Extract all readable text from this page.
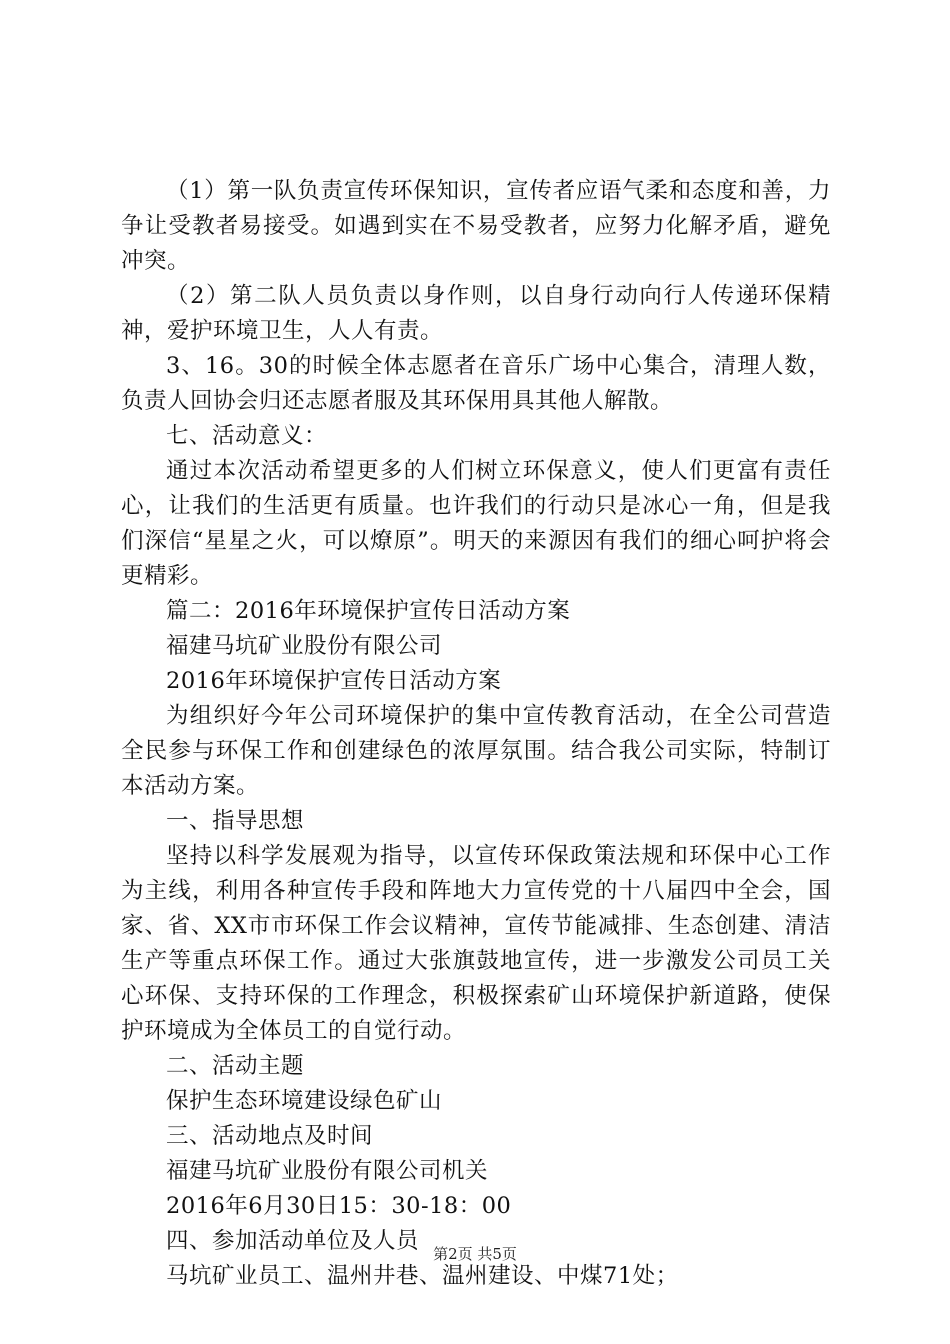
（1）第一队负责宣传环保知识，宣传者应语气柔和态度和善，力争让受教者易接受。如遇到实在不易受教者，应努力化解矛盾，避免冲突。

（2）第二队人员负责以身作则，以自身行动向行人传递环保精神，爱护环境卫生，人人有责。

3、16。30的时候全体志愿者在音乐广场中心集合，清理人数，负责人回协会归还志愿者服及其环保用具其他人解散。

七、活动意义：

通过本次活动希望更多的人们树立环保意义，使人们更富有责任心，让我们的生活更有质量。也许我们的行动只是冰心一角，但是我们深信“星星之火，可以燎原”。明天的来源因有我们的细心呵护将会更精彩。

篇二：2016年环境保护宣传日活动方案

福建马坑矿业股份有限公司

2016年环境保护宣传日活动方案

为组织好今年公司环境保护的集中宣传教育活动，在全公司营造全民参与环保工作和创建绿色的浓厚氛围。结合我公司实际，特制订本活动方案。

一、指导思想

坚持以科学发展观为指导，以宣传环保政策法规和环保中心工作为主线，利用各种宣传手段和阵地大力宣传党的十八届四中全会，国家、省、XX市市环保工作会议精神，宣传节能减排、生态创建、清洁生产等重点环保工作。通过大张旗鼓地宣传，进一步激发公司员工关心环保、支持环保的工作理念，积极探索矿山环境保护新道路，使保护环境成为全体员工的自觉行动。

二、活动主题

保护生态环境建设绿色矿山

三、活动地点及时间

福建马坑矿业股份有限公司机关

2016年6月30日15：30-18：00

四、参加活动单位及人员

马坑矿业员工、温州井巷、温州建设、中煤71处；

第2页 共5页
